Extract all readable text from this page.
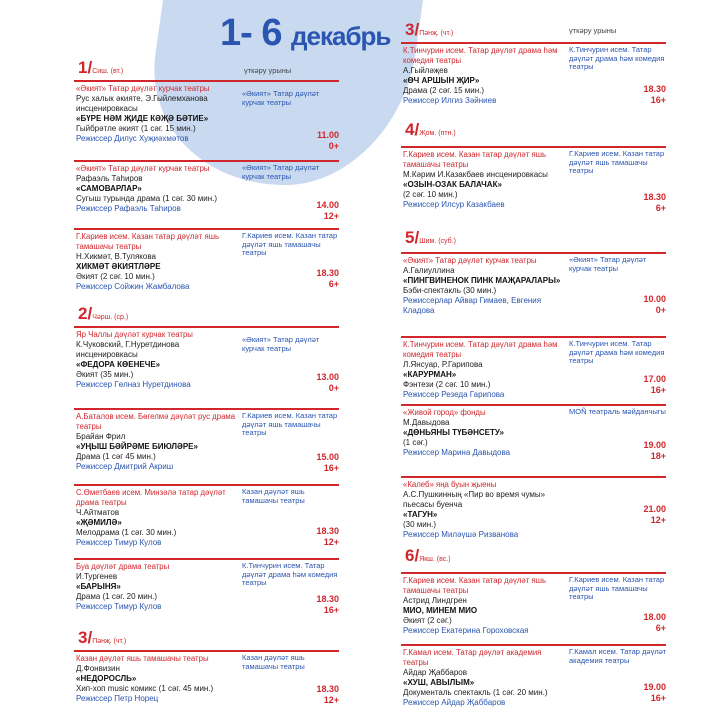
1- 6 декабрь
1/Сиш. (вт.)	үткәру урыны
«Әкият» Татар дәүләт курчак театры
Рус халык әкияте, Э.Гыйлемханова инсценировкасы
«БҮРЕ HӘМ ҖИДЕ КӘҖӘ БӘТИЕ»
Гыйбрәтле әкият (1 сәг. 15 мин.)
Режиссер Дилус Хуҗиәхмәтов
«Әкият» Татар дәүләт курчак театры
11.00
0+
«Әкият» Татар дәүләт курчак театры
Рафаэль Таһиров
«САМОВАРЛАР»
Сугыш турында драма (1 сәг. 30 мин.)
Режиссер Рафаэль Таһиров
«Әкият» Татар дәүләт курчак театры
14.00
12+
Г.Кариев исем. Казан татар дәүләт яшь тамашачы театры
Н.Хикмәт, В.Тулякова
ХИКМӘТ ӘКИЯТЛӘРЕ
Әкият (2 сәг. 10 мин.)
Режиссер Сойжин Жамбалова
Г.Кариев исем. Казан татар дәүләт яшь тамашачы театры
18.30
6+
2/Чәрш. (ср.)
Яр Чаллы дәүләт курчак театры
К.Чуковский, Г.Нуретдинова инсценировкасы
«ФЕДОРА КӨЕНЕЧЕ»
Әкият (35 мин.)
Режиссер Гөлназ Нуретдинова
«Әкият» Татар дәүләт курчак театры
13.00
0+
А.Баталов исем. Бөгелмә дәүләт рус драма театры
Брайан Фрил
«УҢЫШ БӘЙРӘМЕ БИЮЛӘРЕ»
Драма (1 сәг 45 мин.)
Режиссер Дмитрий Акриш
Г.Кариев исем. Казан татар дәүләт яшь тамашачы театры
15.00
16+
С.Өметбаев исем. Минзәлә татар дәүләт драма театры
Ч.Айтматов
«ҖӘМИЛӘ»
Мелодрама (1 сәг. 30 мин.)
Режиссер Тимур Кулов
Казан дәүләт яшь тамашачы театры
18.30
12+
Буа дәүләт драма театры
И.Тургенев
«БАРЫНЯ»
Драма (1 сәг. 20 мин.)
Режиссер Тимур Кулов
К.Тинчурин исем. Татар дәүләт драма һәм комедия театры
18.30
16+
3/Пәнҗ. (чт.)
Казан дәүләт яшь тамашачы театры
Д.Фонвизин
«НЕДОРОСЛЬ»
Хип-хоп music комикс (1 сәг. 45 мин.)
Режиссер Петр Норец
Казан дәүләт яшь тамашачы театры
18.30
12+
3/Пәнҗ. (чт.)	үткәру урыны
К.Тинчурин исем. Татар дәүләт драма һәм комедия театры
А.Гыйләҗев
«ӨЧ АРШЫН ҖИР»
Драма (2 сәг. 15 мин.)
Режиссер Илгиз Зәйниев
К.Тинчурин исем. Татар дәүләт драма һәм комедия театры
18.30
16+
4/Җом. (птн.)
Г.Кариев исем. Казан татар дәүләт яшь тамашачы театры
М.Кәрим И.Казакбаев инсценировкасы
«ОЗЫН-ОЗАК БАЛАЧАК»
(2 сәг. 10 мин.)
Режиссер Илсур Казакбаев
Г.Кариев исем. Казан татар дәүләт яшь тамашачы театры
18.30
6+
5/Шим. (суб.)
«Әкият» Татар дәүләт курчак театры
А.Галиуллина
«ПИНГВИНЕНОК ПИНК МАҖАРАЛАРЫ»
Бэби-спектакль (30 мин.)
Режиссерлар Айвар Гимаев, Евгения Кладова
«Әкият» Татар дәүләт курчак театры
10.00
0+
К.Тинчурин исем. Татар дәүләт драма һәм комедия театры
Л.Янсуар, Р.Гарипова
«КАРУРМАН»
Фэнтези (2 сәг. 10 мин.)
Режиссер Резеда Гарипова
К.Тинчурин исем. Татар дәүләт драма һәм комедия театры
17.00
16+
«Живой город» фонды
М.Давыдова
«ДӨНЬЯНЫ ТҮБӘНСЕТУ»
(1 сәг.)
Режиссер Марина Давыдова
MOÑ театраль мәйданчыгы
19.00
18+
«Калеб» яңа буын җыены
А.С.Пушкинның «Пир во время чумы» пьесасы буенча
«ТАГУН»
(30 мин.)
Режиссер Миләүшә Ризванова
21.00
12+
6/Якш. (вс.)
Г.Кариев исем. Казан татар дәүләт яшь тамашачы театры
Астрид Линдгрен
МИО, МИНЕМ МИО
Әкият (2 сәг.)
Режиссер Екатерина Гороховская
Г.Кариев исем. Казан татар дәүләт яшь тамашачы театры
18.00
6+
Г.Камал исем. Татар дәүләт академия театры
Айдар Җаббаров
«ХУШ, АВЫЛЫМ»
Документаль спектакль (1 сәг. 20 мин.)
Режиссер Айдар Җаббаров
Г.Камал исем. Татар дәүләт академия театры
19.00
16+
